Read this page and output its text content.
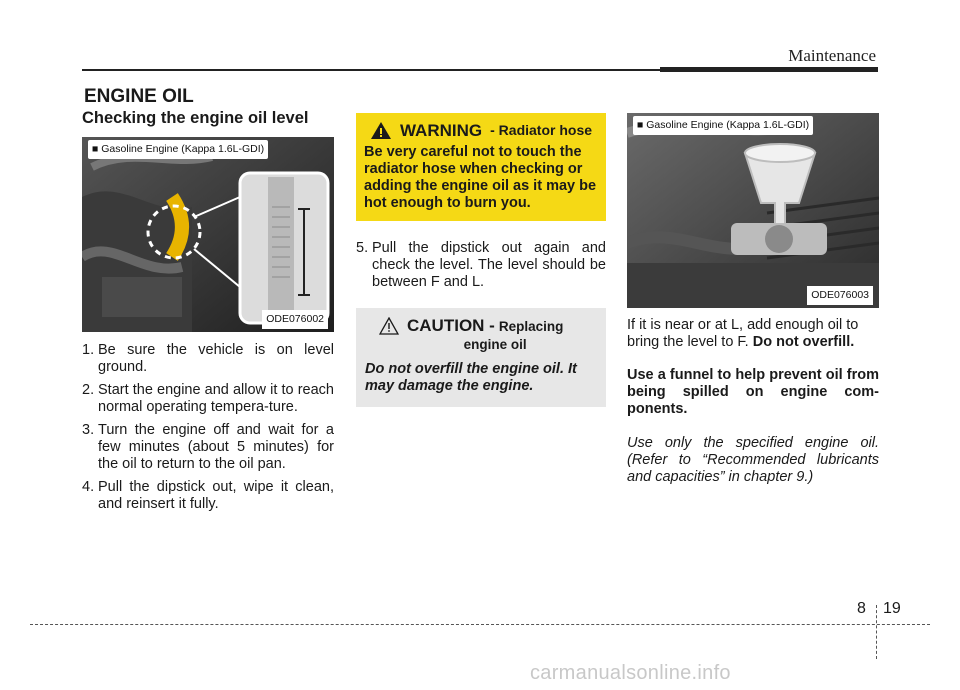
Maintenance
ENGINE OIL
Checking the engine oil level
■ Gasoline Engine (Kappa 1.6L-GDI)
ODE076002
1. Be sure the vehicle is on level ground.
2. Start the engine and allow it to reach normal operating tempera-ture.
3. Turn the engine off and wait for a few minutes (about 5 minutes) for the oil to return to the oil pan.
4. Pull the dipstick out, wipe it clean, and reinsert it fully.
WARNING - Radiator hose
Be very careful not to touch the radiator hose when checking or adding the engine oil as it may be hot enough to burn you.
5. Pull the dipstick out again and check the level. The level should be between F and L.
CAUTION - Replacing
engine oil
Do not overfill the engine oil. It may damage the engine.
■ Gasoline Engine (Kappa 1.6L-GDI)
ODE076003

If it is near or at L, add enough oil to bring the level to F. Do not overfill.

Use a funnel to help prevent oil from being spilled on engine com-ponents.

Use only the specified engine oil. (Refer to “Recommended lubricants and capacities” in chapter 9.)

8 19
carmanualsonline.info
